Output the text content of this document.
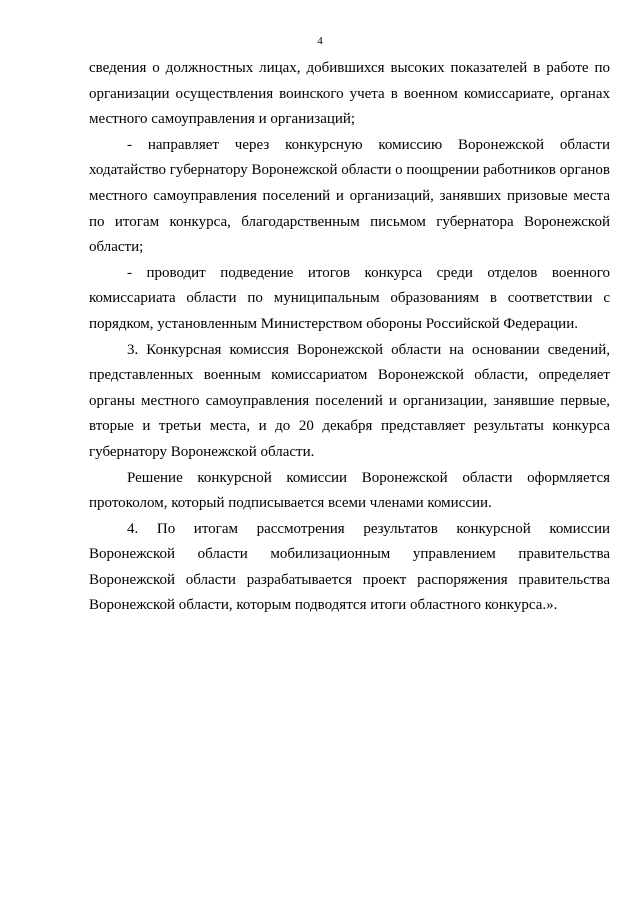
4

сведения о должностных лицах, добившихся высоких показателей в работе по организации осуществления воинского учета в военном комиссариате, органах местного самоуправления и организаций;

- направляет через конкурсную комиссию Воронежской области ходатайство губернатору Воронежской области о поощрении работников органов местного самоуправления поселений и организаций, занявших призовые места по итогам конкурса, благодарственным письмом губернатора Воронежской области;

- проводит подведение итогов конкурса среди отделов военного комиссариата области по муниципальным образованиям в соответствии с порядком, установленным Министерством обороны Российской Федерации.

3. Конкурсная комиссия Воронежской области на основании сведений, представленных военным комиссариатом Воронежской области, определяет органы местного самоуправления поселений и организации, занявшие первые, вторые и третьи места, и до 20 декабря представляет результаты конкурса губернатору Воронежской области.

Решение конкурсной комиссии Воронежской области оформляется протоколом, который подписывается всеми членами комиссии.

4. По итогам рассмотрения результатов конкурсной комиссии Воронежской области мобилизационным управлением правительства Воронежской области разрабатывается проект распоряжения правительства Воронежской области, которым подводятся итоги областного конкурса.».
